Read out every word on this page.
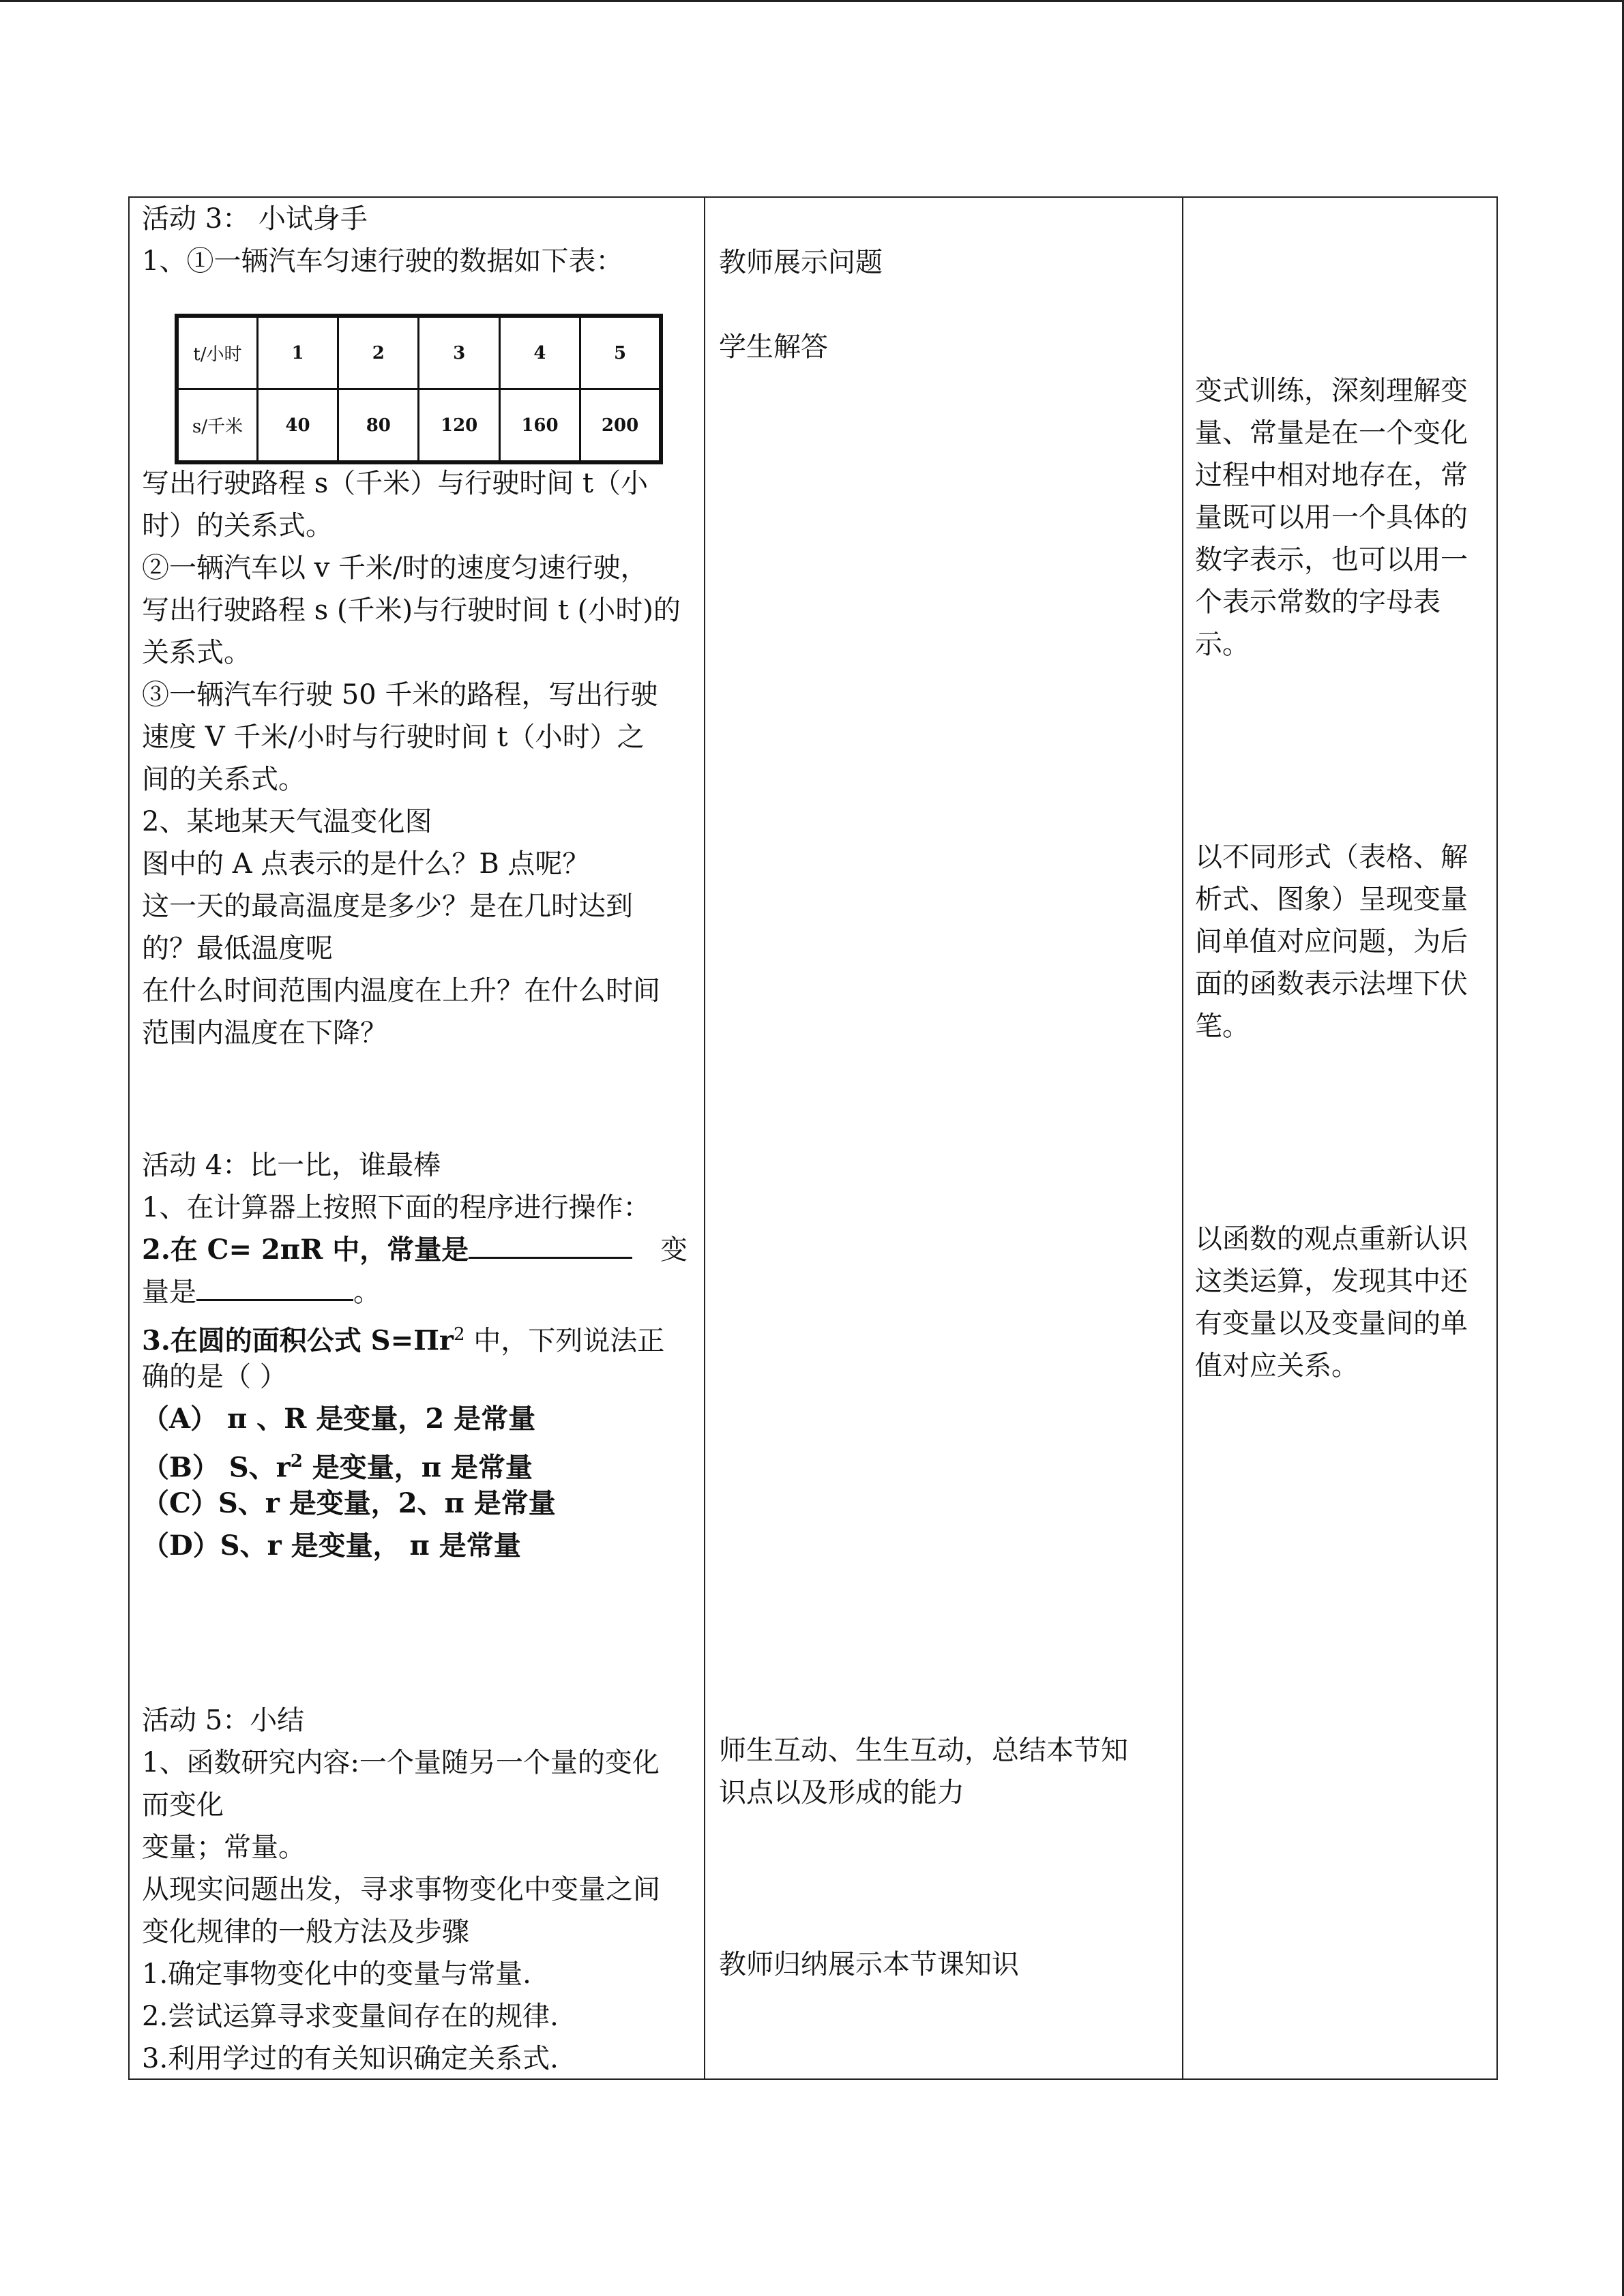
活动 3： 小试身手
1、①一辆汽车匀速行驶的数据如下表：
t/小时	1	2	3	4	5
s/千米	40	80	120	160	200
写出行驶路程 s（千米）与行驶时间 t（小
时）的关系式。
②一辆汽车以 v 千米/时的速度匀速行驶，
写出行驶路程 s (千米)与行驶时间 t (小时)的
关系式。
③一辆汽车行驶 50 千米的路程，写出行驶
速度 V 千米/小时与行驶时间 t（小时）之
间的关系式。
2、某地某天气温变化图
图中的 A 点表示的是什么？B 点呢？
这一天的最高温度是多少？是在几时达到
的？最低温度呢
在什么时间范围内温度在上升？在什么时间
范围内温度在下降？
活动 4：比一比，谁最棒
1、在计算器上按照下面的程序进行操作：
2.在 C= 2πR 中，常量是	变
量是	。
3.在圆的面积公式 $S=\Pi r^2$ 中，下列说法正
确的是（ ）
（A） π 、R 是变量，2 是常量
（B） S、$r^2$ 是变量，π 是常量
（C）S、r 是变量，2、π 是常量
（D）S、r 是变量， π 是常量
活动 5：小结
1、函数研究内容:一个量随另一个量的变化
而变化
变量；常量。
从现实问题出发，寻求事物变化中变量之间
变化规律的一般方法及步骤
1.确定事物变化中的变量与常量.
2.尝试运算寻求变量间存在的规律.
3.利用学过的有关知识确定关系式.
教师展示问题
学生解答
师生互动、生生互动，总结本节知
识点以及形成的能力
教师归纳展示本节课知识
变式训练，深刻理解变
量、常量是在一个变化
过程中相对地存在，常
量既可以用一个具体的
数字表示，也可以用一
个表示常数的字母表
示。
以不同形式（表格、解
析式、图象）呈现变量
间单值对应问题，为后
面的函数表示法埋下伏
笔。
以函数的观点重新认识
这类运算，发现其中还
有变量以及变量间的单
值对应关系。
